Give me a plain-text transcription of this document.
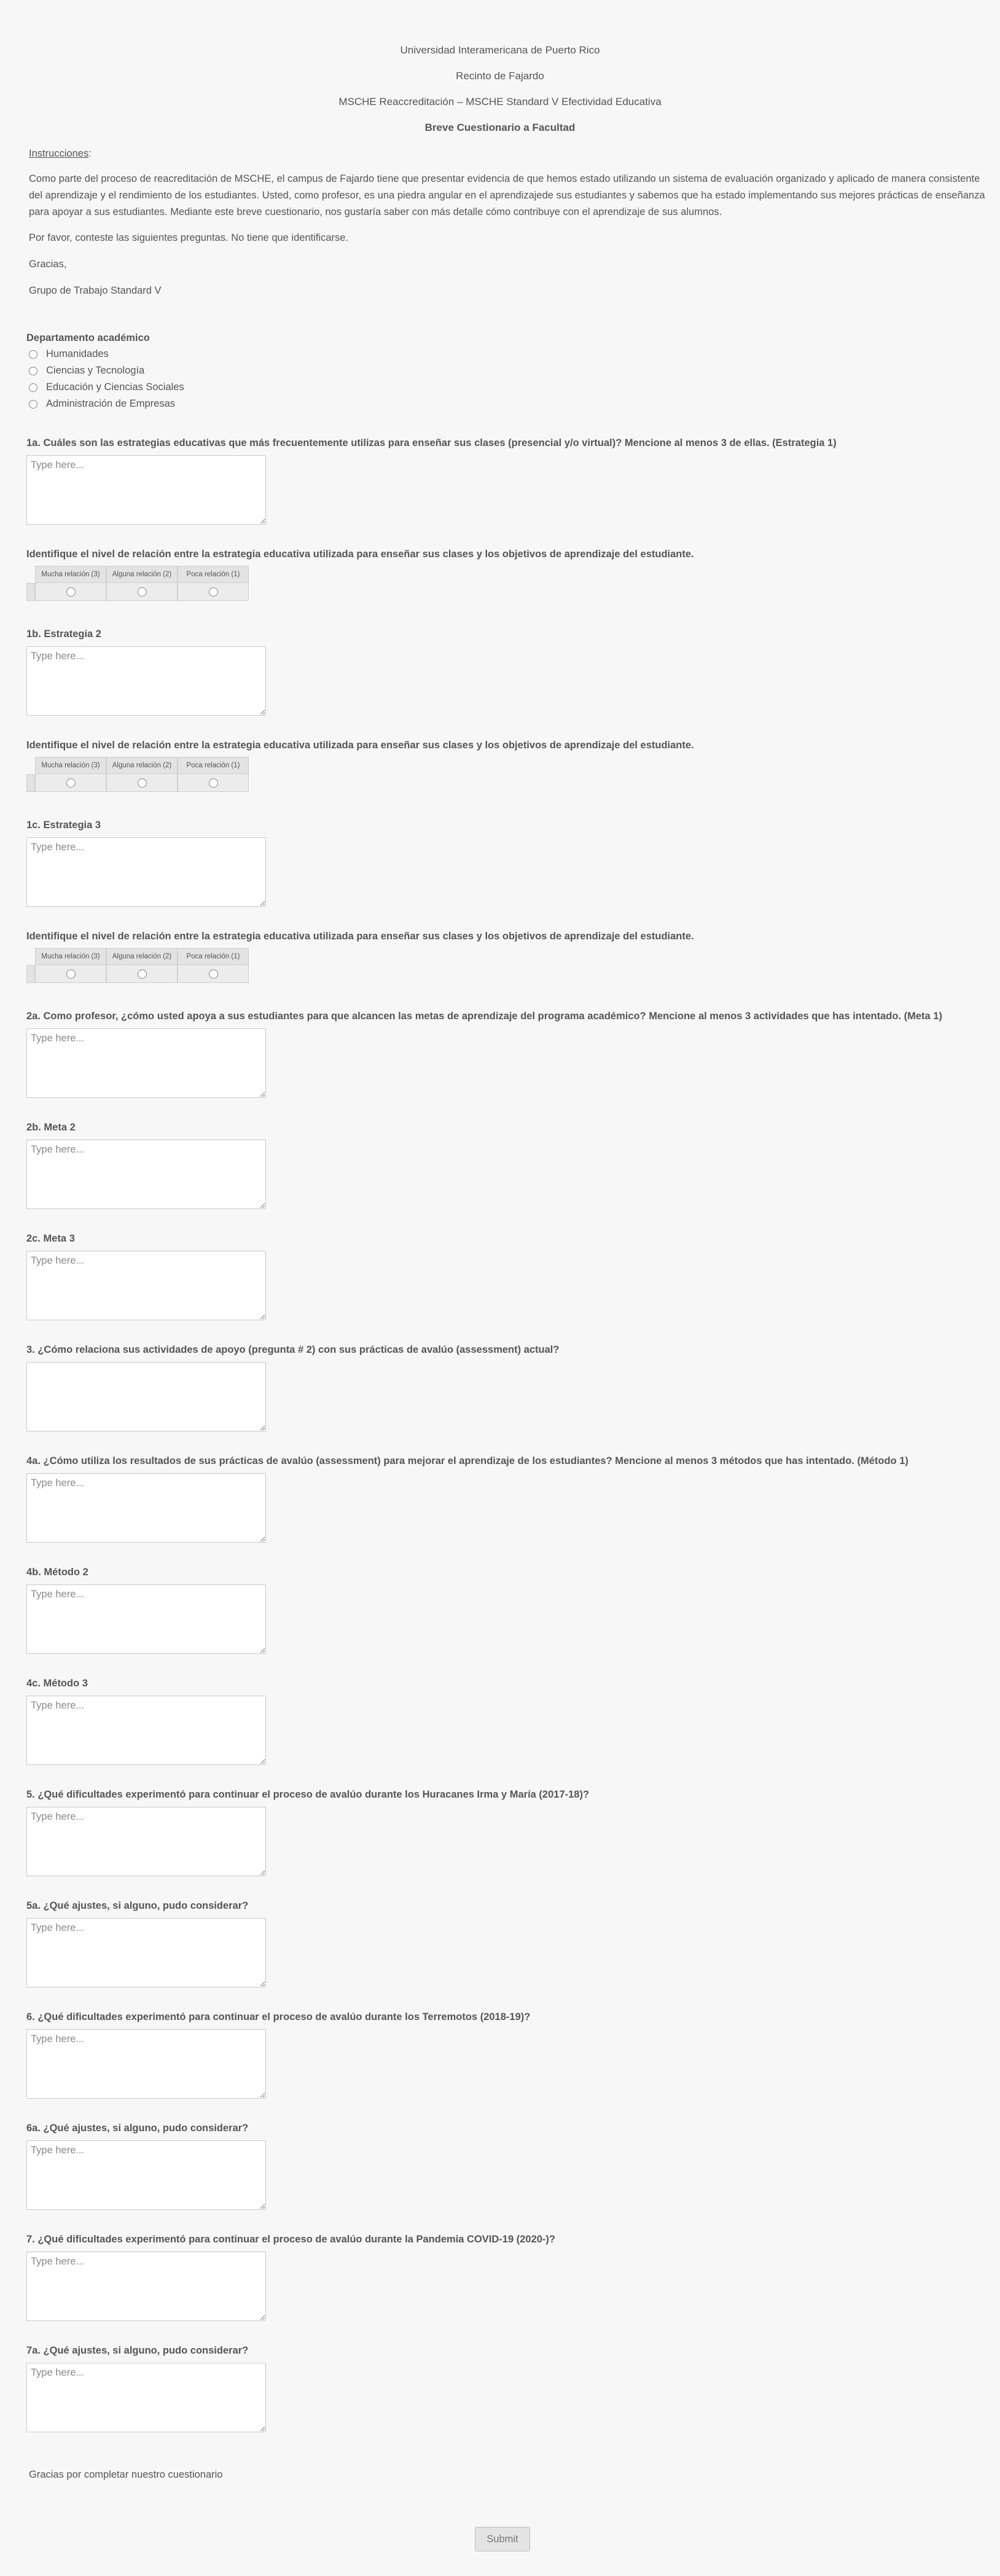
Universidad Interamericana de Puerto Rico
Recinto de Fajardo
MSCHE Reaccreditación – MSCHE Standard V Efectividad Educativa
Breve Cuestionario a Facultad

Instrucciones:

Como parte del proceso de reacreditación de MSCHE, el campus de Fajardo tiene que presentar evidencia de que hemos estado utilizando un sistema de evaluación organizado y aplicado de manera consistente del aprendizaje y el rendimiento de los estudiantes. Usted, como profesor, es una piedra angular en el aprendizajede sus estudiantes y sabemos que ha estado implementando sus mejores prácticas de enseñanza para apoyar a sus estudiantes. Mediante este breve cuestionario, nos gustaría saber con más detalle cómo contribuye con el aprendizaje de sus alumnos.
Por favor, conteste las siguientes preguntas. No tiene que identificarse.
Gracias,
Grupo de Trabajo Standard V
Departamento académico
Humanidades
Ciencias y Tecnología
Educación y Ciencias Sociales
Administración de Empresas
1a. Cuáles son las estrategias educativas que más frecuentemente utilizas para enseñar sus clases (presencial y/o virtual)? Mencione al menos 3 de ellas. (Estrategia 1)
Type here...
Identifique el nivel de relación entre la estrategia educativa utilizada para enseñar sus clases y los objetivos de aprendizaje del estudiante.
Mucha relación (3)	Alguna relación (2)	Poca relación (1)
1b. Estrategia 2
Type here...
Identifique el nivel de relación entre la estrategia educativa utilizada para enseñar sus clases y los objetivos de aprendizaje del estudiante.
Mucha relación (3)	Alguna relación (2)	Poca relación (1)
1c. Estrategia 3
Type here...
Identifique el nivel de relación entre la estrategia educativa utilizada para enseñar sus clases y los objetivos de aprendizaje del estudiante.
Mucha relación (3)	Alguna relación (2)	Poca relación (1)
2a. Como profesor, ¿cómo usted apoya a sus estudiantes para que alcancen las metas de aprendizaje del programa académico? Mencione al menos 3 actividades que has intentado. (Meta 1)
Type here...
2b. Meta 2
Type here...
2c. Meta 3
Type here...
3. ¿Cómo relaciona sus actividades de apoyo (pregunta # 2) con sus prácticas de avalúo (assessment) actual?
4a. ¿Cómo utiliza los resultados de sus prácticas de avalúo (assessment) para mejorar el aprendizaje de los estudiantes? Mencione al menos 3 métodos que has intentado. (Método 1)
Type here...
4b. Método 2
Type here...
4c. Método 3
Type here...
5. ¿Qué dificultades experimentó para continuar el proceso de avalúo durante los Huracanes Irma y María (2017-18)?
Type here...
5a. ¿Qué ajustes, si alguno, pudo considerar?
Type here...
6. ¿Qué dificultades experimentó para continuar el proceso de avalúo durante los Terremotos (2018-19)?
Type here...
6a. ¿Qué ajustes, si alguno, pudo considerar?
Type here...
7. ¿Qué dificultades experimentó para continuar el proceso de avalúo durante la Pandemia COVID-19 (2020-)?
Type here...
7a. ¿Qué ajustes, si alguno, pudo considerar?
Type here...
Gracias por completar nuestro cuestionario
Submit
